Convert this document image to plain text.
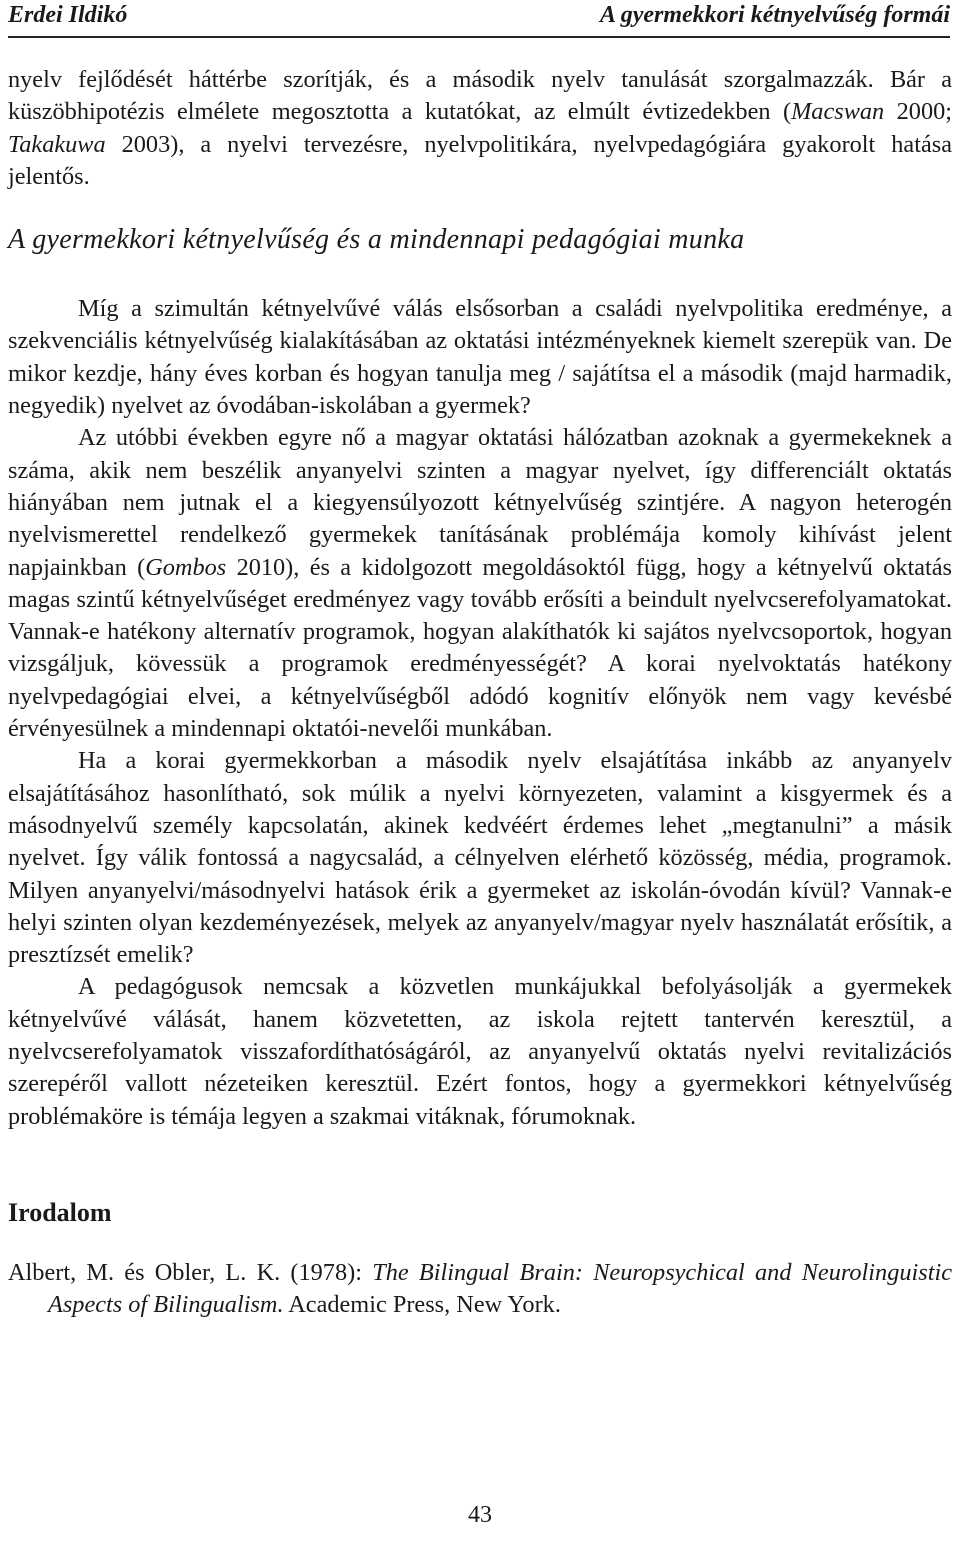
Erdei Ildikó	A gyermekkori kétnyelvűség formái

nyelv fejlődését háttérbe szorítják, és a második nyelv tanulását szorgalmazzák. Bár a küszöbhipotézis elmélete megosztotta a kutatókat, az elmúlt évtizedekben (Macswan 2000; Takakuwa 2003), a nyelvi tervezésre, nyelvpolitikára, nyelvpedagógiára gyakorolt hatása jelentős.

A gyermekkori kétnyelvűség és a mindennapi pedagógiai munka

Míg a szimultán kétnyelvűvé válás elsősorban a családi nyelvpolitika eredménye, a szekvenciális kétnyelvűség kialakításában az oktatási intézményeknek kiemelt szerepük van. De mikor kezdje, hány éves korban és hogyan tanulja meg / sajátítsa el a második (majd harmadik, negyedik) nyelvet az óvodában-iskolában a gyermek?

Az utóbbi években egyre nő a magyar oktatási hálózatban azoknak a gyermekeknek a száma, akik nem beszélik anyanyelvi szinten a magyar nyelvet, így differenciált oktatás hiányában nem jutnak el a kiegyensúlyozott kétnyelvűség szintjére. A nagyon heterogén nyelvismerettel rendelkező gyermekek tanításának problémája komoly kihívást jelent napjainkban (Gombos 2010), és a kidolgozott megoldásoktól függ, hogy a kétnyelvű oktatás magas szintű kétnyelvűséget eredményez vagy tovább erősíti a beindult nyelvcserefolyamatokat. Vannak-e hatékony alternatív programok, hogyan alakíthatók ki sajátos nyelvcsoportok, hogyan vizsgáljuk, kövessük a programok eredményességét? A korai nyelvoktatás hatékony nyelvpedagógiai elvei, a kétnyelvűségből adódó kognitív előnyök nem vagy kevésbé érvényesülnek a mindennapi oktatói-nevelői munkában.

Ha a korai gyermekkorban a második nyelv elsajátítása inkább az anyanyelv elsajátításához hasonlítható, sok múlik a nyelvi környezeten, valamint a kisgyermek és a másodnyelvű személy kapcsolatán, akinek kedvéért érdemes lehet „megtanulni” a másik nyelvet. Így válik fontossá a nagycsalád, a célnyelven elérhető közösség, média, programok. Milyen anyanyelvi/másodnyelvi hatások érik a gyermeket az iskolán-óvodán kívül? Vannak-e helyi szinten olyan kezdeményezések, melyek az anyanyelv/magyar nyelv használatát erősítik, a presztízsét emelik?

A pedagógusok nemcsak a közvetlen munkájukkal befolyásolják a gyermekek kétnyelvűvé válását, hanem közvetetten, az iskola rejtett tantervén keresztül, a nyelvcserefolyamatok visszafordíthatóságáról, az anyanyelvű oktatás nyelvi revitalizációs szerepéről vallott nézeteiken keresztül. Ezért fontos, hogy a gyermekkori kétnyelvűség problémaköre is témája legyen a szakmai vitáknak, fórumoknak.

Irodalom

Albert, M. és Obler, L. K. (1978): The Bilingual Brain: Neuropsychical and Neurolinguistic Aspects of Bilingualism. Academic Press, New York.

43
